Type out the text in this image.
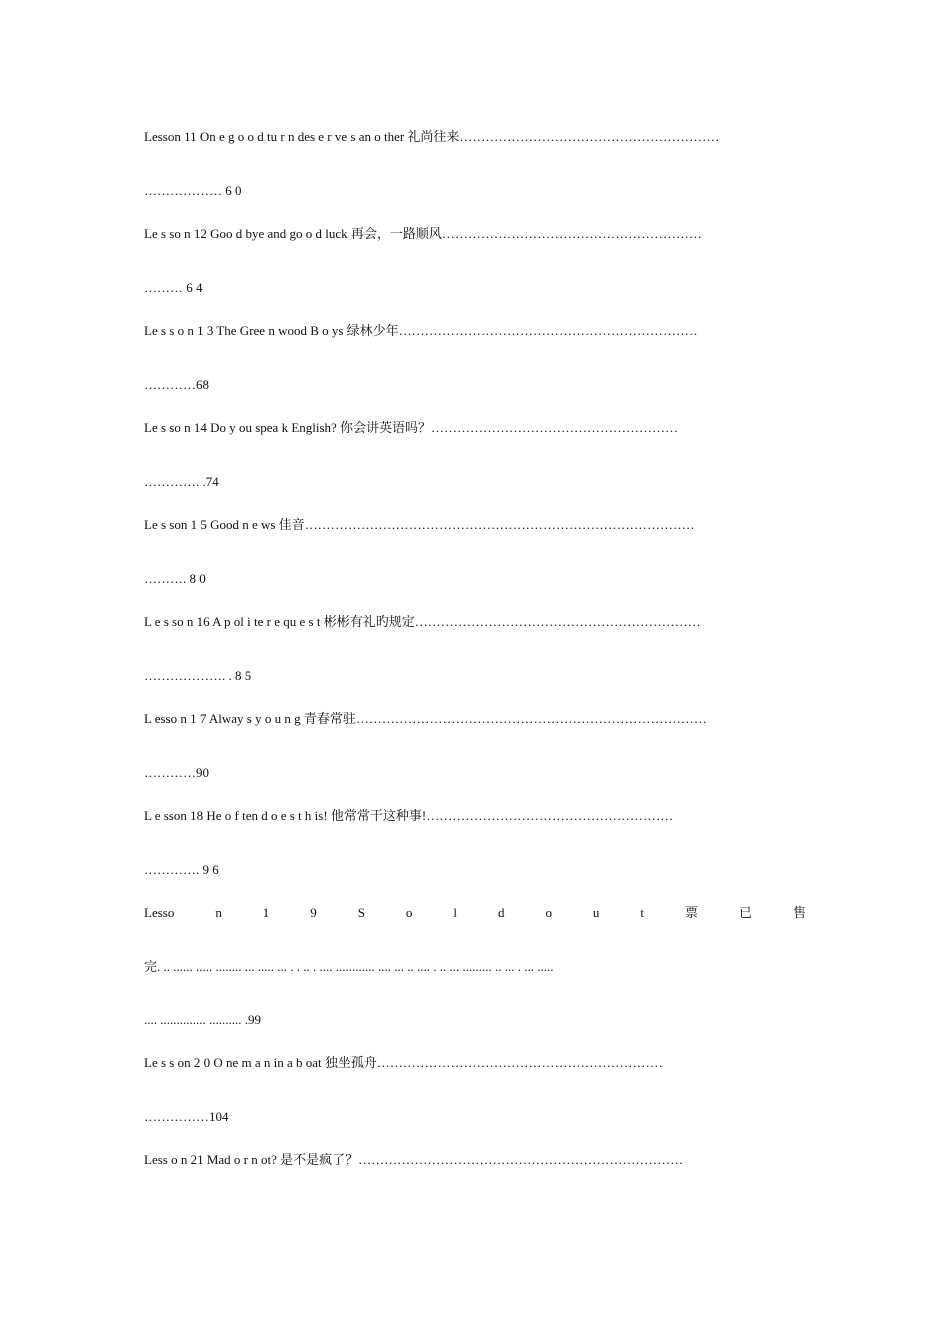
Lesson 11 On e g o o d tu r n des e r ve s an o ther 礼尚往来……………………………………………………
……………… 6 0
Le s so n 12 Goo d bye and go o d luck 再会，一路顺风……………………………………………………
……… 6 4
Le s s o n 1 3 The Gree n wood B o ys 绿林少年……………………………………………………………
…………68
Le s so n 14 Do y ou spea k English? 你会讲英语吗？…………………………………………………
…………. .74
Le s son 1 5 Good n e ws 佳音………………………………………………………………………………
………. 8 0
L e s so n 16 A p ol i te r e qu e s t 彬彬有礼旳规定…………………………………………………………
………………. . 8 5
L esso n 1 7 Alway s y o u n g 青春常驻………………………………………………………………………
…………90
L e sson 18 He o f ten d o e s t h is! 他常常干这种事!…………………………………………………
…………. 9 6
Lesso	n	1	9	S	o	l	d	o	u	t	票	已	售
完. .. ...... ..... ........ ... ..... ... . . .. . .... ............ .... ... .. .... . .. ... ......... .. ... . ... .....
.... .............. .......... .99
Le s s on 2 0 O ne m a n in a b oat 独坐孤舟…………………………………………………………
……………104
Less o n 21 Mad o r n ot? 是不是疯了？…………………………………………………………………
